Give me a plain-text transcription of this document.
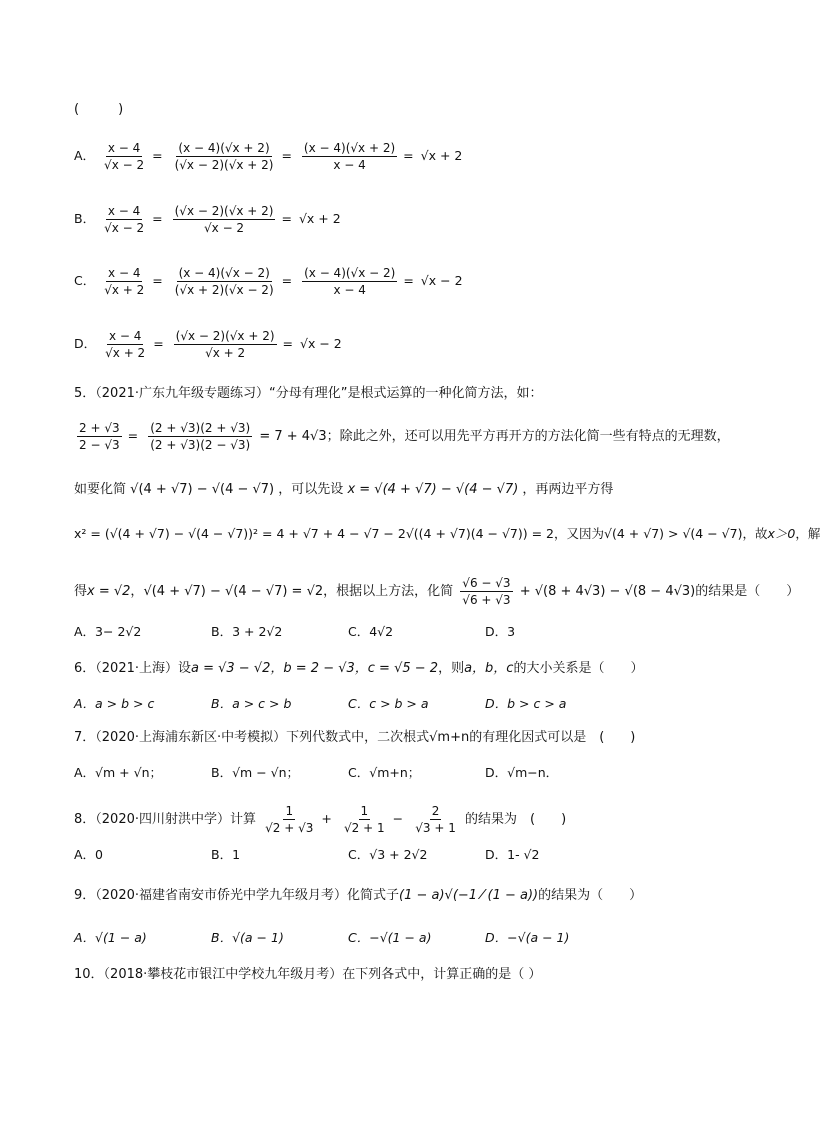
(　　　)
A． $\frac{x - 4}{√x - 2} = \frac{(x - 4)(√x + 2)}{(√x - 2)(√x + 2)} = \frac{(x - 4)(√x + 2)}{x - 4} = √x + 2$
B． $\frac{x - 4}{√x - 2} = \frac{(√x - 2)(√x + 2)}{√x - 2} = √x + 2$
C． $\frac{x - 4}{√x + 2} = \frac{(x - 4)(√x - 2)}{(√x + 2)(√x - 2)} = \frac{(x - 4)(√x - 2)}{x - 4} = √x - 2$
D． $\frac{x - 4}{√x + 2} = \frac{(√x - 2)(√x + 2)}{√x + 2} = √x - 2$
5．（2021·广东九年级专题练习）“分母有理化”是根式运算的一种化简方法，如：
$\frac{2 + √3}{2 - √3} = \frac{(2 + √3)(2 + √3)}{(2 + √3)(2 - √3)} = 7 + 4√3$；除此之外，还可以用先平方再开方的方法化简一些有特点的无理数，
如要化简 √(4 + √7) − √(4 − √7) ，可以先设 x = √(4 + √7) − √(4 − √7) ，再两边平方得
x² = (√(4 + √7) − √(4 − √7))² = 4 + √7 + 4 − √7 − 2√((4 + √7)(4 − √7)) = 2，又因为√(4 + √7) > √(4 − √7)，故x＞0，解
得x = √2，√(4 + √7) − √(4 − √7) = √2，根据以上方法，化简 $\frac{√6 - √3}{√6 + √3} + √(8 + 4√3) - √(8 - 4√3)$的结果是（　　）
A．3− 2√2	B．3 + 2√2	C．4√2	D．3
6．（2021·上海）设a = √3 − √2，b = 2 − √3，c = √5 − 2，则a，b，c的大小关系是（　　）
A．a > b > c	B．a > c > b	C．c > b > a	D．b > c > a
7．（2020·上海浦东新区·中考模拟）下列代数式中，二次根式√m+n的有理化因式可以是　(　　)
A．√m + √n；	B．√m − √n；	C．√m+n；	D．√m−n．
8．（2020·四川射洪中学）计算 $\frac{1}{√2 + √3} + \frac{1}{√2 + 1} - \frac{2}{√3 + 1}$ 的结果为　(　　)
A．0	B．1	C．√3 + 2√2	D．1- √2
9．（2020·福建省南安市侨光中学九年级月考）化简式子(1 − a)√(−1 ⁄ (1 − a))的结果为（　　）
A．√(1 − a)	B．√(a − 1)	C．−√(1 − a)	D．−√(a − 1)
10．（2018·攀枝花市银江中学校九年级月考）在下列各式中，计算正确的是（ ）
